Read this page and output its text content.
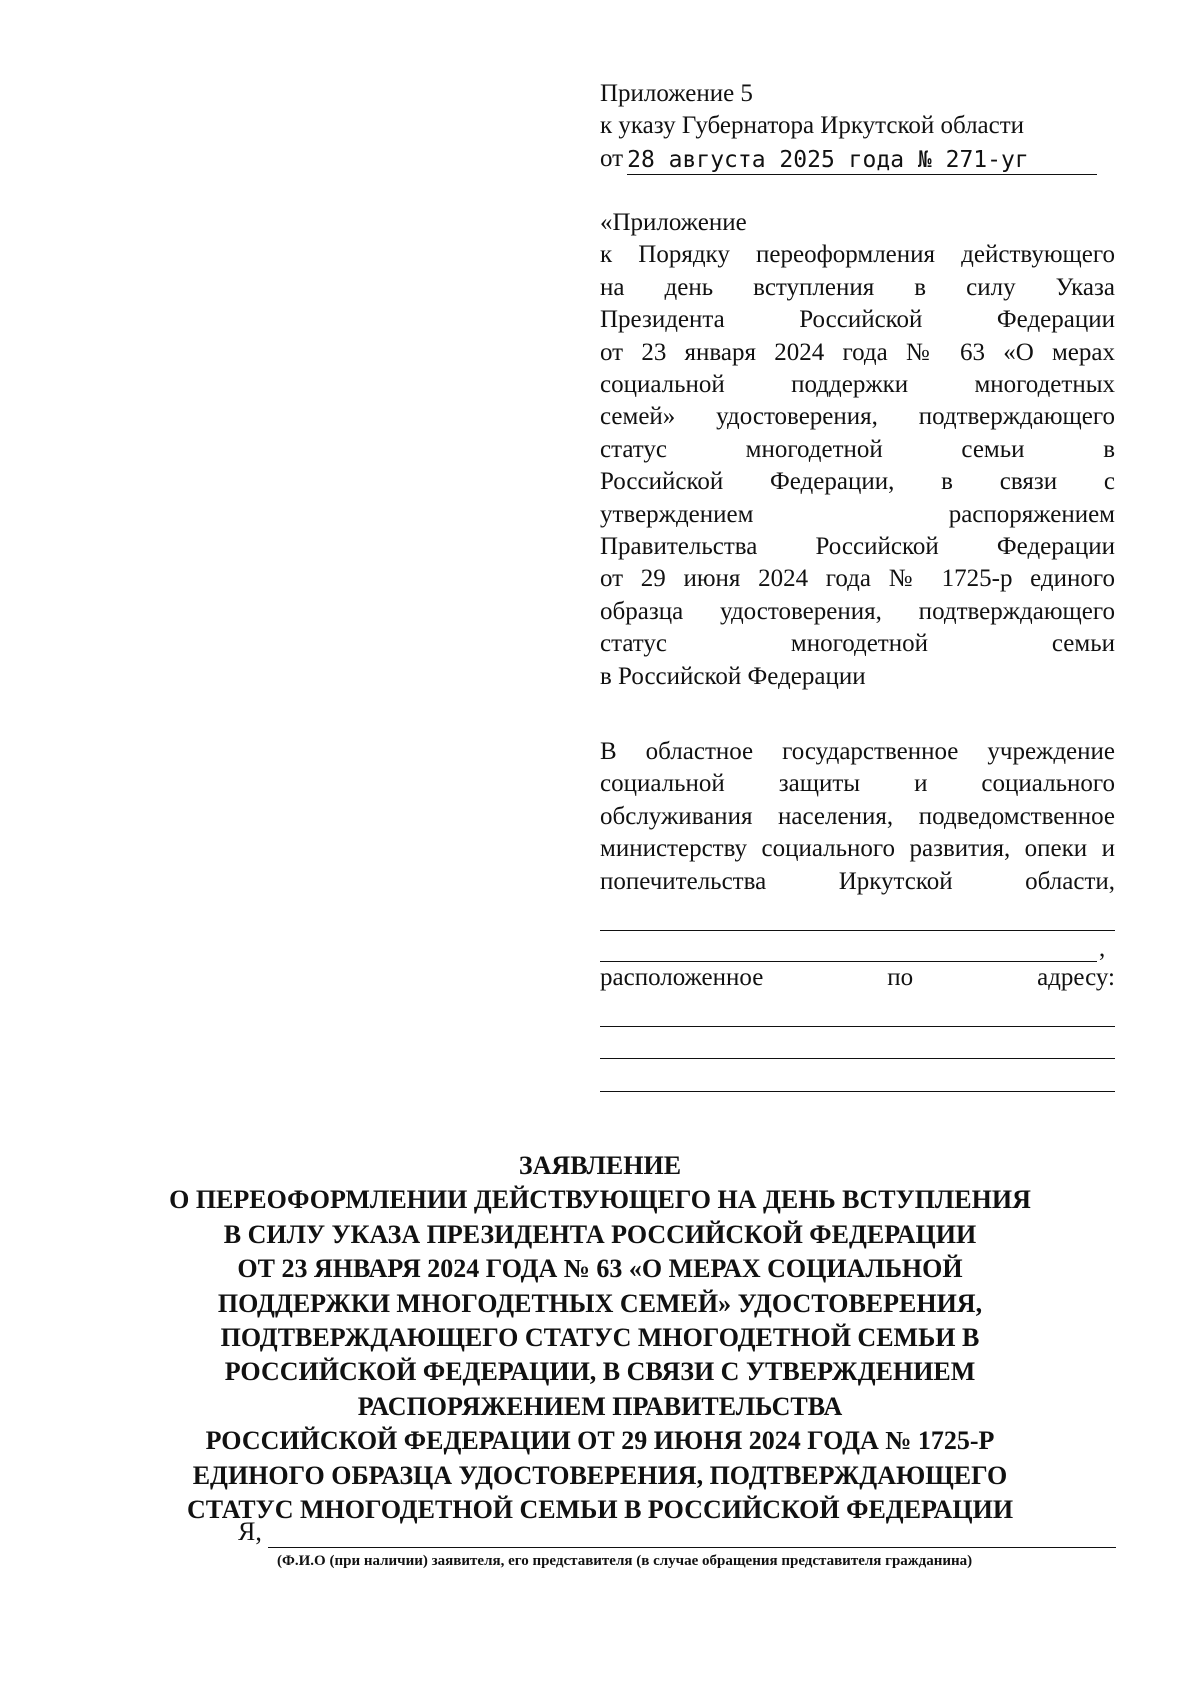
Приложение 5
к указу Губернатора Иркутской области
от 28 августа 2025 года № 271-уг

«Приложение

к Порядку переоформления действующего

на день вступления в силу Указа

Президента Российской Федерации

от 23 января 2024 года № 63 «О мерах

социальной поддержки многодетных

семей» удостоверения, подтверждающего

статус многодетной семьи в

Российской Федерации, в связи с

утверждением распоряжением

Правительства Российской Федерации

от 29 июня 2024 года № 1725-р единого

образца удостоверения, подтверждающего

статус многодетной семьи

в Российской Федерации

В областное государственное учреждение

социальной защиты и социального

обслуживания населения, подведомственное

министерству социального развития, опеки и

попечительства Иркутской области,

,

расположенное по адресу:

ЗАЯВЛЕНИЕ
О ПЕРЕОФОРМЛЕНИИ ДЕЙСТВУЮЩЕГО НА ДЕНЬ ВСТУПЛЕНИЯ
В СИЛУ УКАЗА ПРЕЗИДЕНТА РОССИЙСКОЙ ФЕДЕРАЦИИ
ОТ 23 ЯНВАРЯ 2024 ГОДА № 63 «О МЕРАХ СОЦИАЛЬНОЙ
ПОДДЕРЖКИ МНОГОДЕТНЫХ СЕМЕЙ» УДОСТОВЕРЕНИЯ,
ПОДТВЕРЖДАЮЩЕГО СТАТУС МНОГОДЕТНОЙ СЕМЬИ В
РОССИЙСКОЙ ФЕДЕРАЦИИ, В СВЯЗИ С УТВЕРЖДЕНИЕМ
РАСПОРЯЖЕНИЕМ ПРАВИТЕЛЬСТВА
РОССИЙСКОЙ ФЕДЕРАЦИИ ОТ 29 ИЮНЯ 2024 ГОДА № 1725-Р
ЕДИНОГО ОБРАЗЦА УДОСТОВЕРЕНИЯ, ПОДТВЕРЖДАЮЩЕГО
СТАТУС МНОГОДЕТНОЙ СЕМЬИ В РОССИЙСКОЙ ФЕДЕРАЦИИ
Я,
(Ф.И.О (при наличии) заявителя, его представителя (в случае обращения представителя гражданина)
